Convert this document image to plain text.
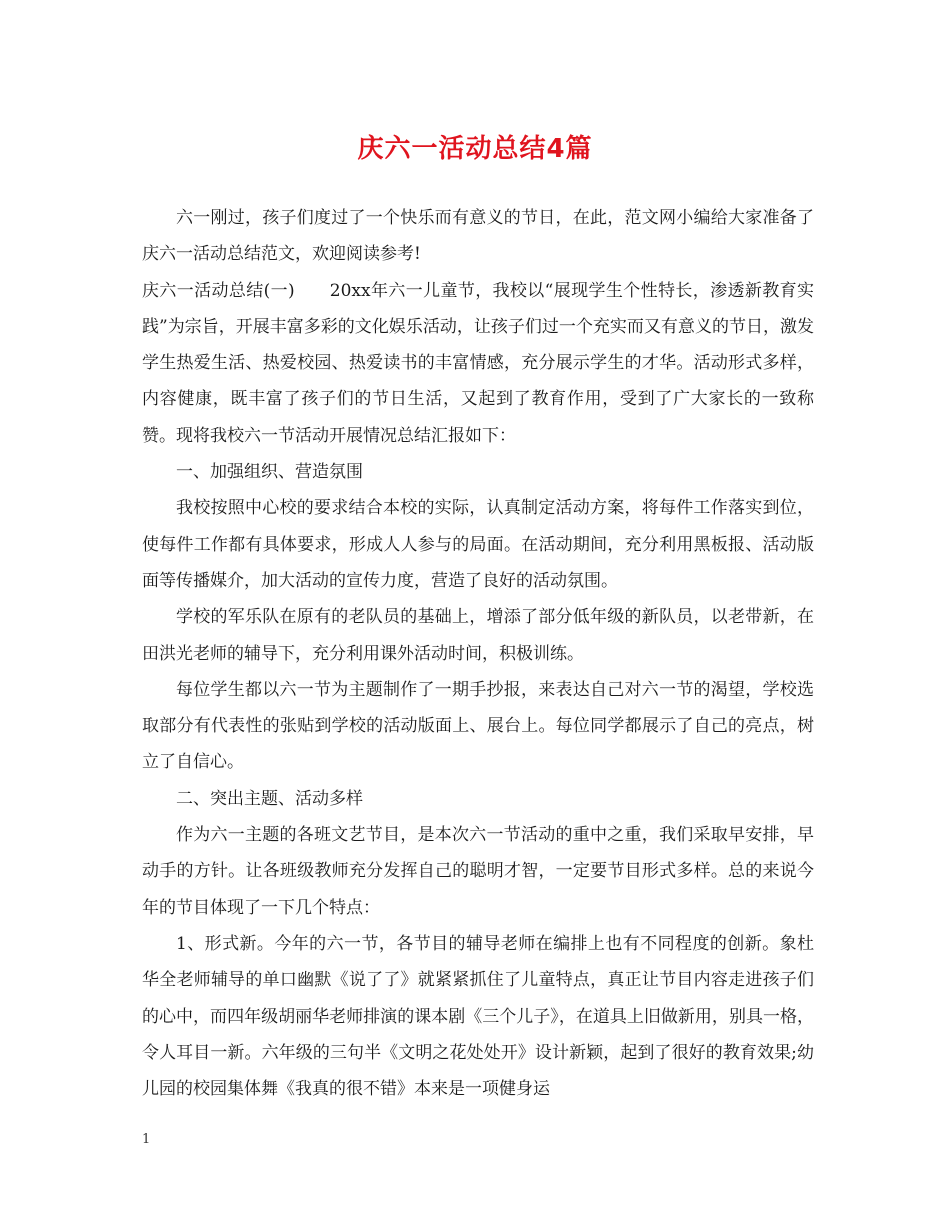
庆六一活动总结4篇

六一刚过，孩子们度过了一个快乐而有意义的节日，在此，范文网小编给大家准备了庆六一活动总结范文，欢迎阅读参考!

庆六一活动总结(一)　　20xx年六一儿童节，我校以“展现学生个性特长，渗透新教育实践”为宗旨，开展丰富多彩的文化娱乐活动，让孩子们过一个充实而又有意义的节日，激发学生热爱生活、热爱校园、热爱读书的丰富情感，充分展示学生的才华。活动形式多样，内容健康，既丰富了孩子们的节日生活，又起到了教育作用，受到了广大家长的一致称赞。现将我校六一节活动开展情况总结汇报如下：

一、加强组织、营造氛围

我校按照中心校的要求结合本校的实际，认真制定活动方案，将每件工作落实到位，使每件工作都有具体要求，形成人人参与的局面。在活动期间，充分利用黑板报、活动版面等传播媒介，加大活动的宣传力度，营造了良好的活动氛围。

学校的军乐队在原有的老队员的基础上，增添了部分低年级的新队员，以老带新，在田洪光老师的辅导下，充分利用课外活动时间，积极训练。

每位学生都以六一节为主题制作了一期手抄报，来表达自己对六一节的渴望，学校选取部分有代表性的张贴到学校的活动版面上、展台上。每位同学都展示了自己的亮点，树立了自信心。

二、突出主题、活动多样

作为六一主题的各班文艺节目，是本次六一节活动的重中之重，我们采取早安排，早动手的方针。让各班级教师充分发挥自己的聪明才智，一定要节目形式多样。总的来说今年的节目体现了一下几个特点：

1、形式新。今年的六一节，各节目的辅导老师在编排上也有不同程度的创新。象杜华全老师辅导的单口幽默《说了了》就紧紧抓住了儿童特点，真正让节目内容走进孩子们的心中，而四年级胡丽华老师排演的课本剧《三个儿子》，在道具上旧做新用，别具一格，令人耳目一新。六年级的三句半《文明之花处处开》设计新颖，起到了很好的教育效果;幼儿园的校园集体舞《我真的很不错》本来是一项健身运

1
